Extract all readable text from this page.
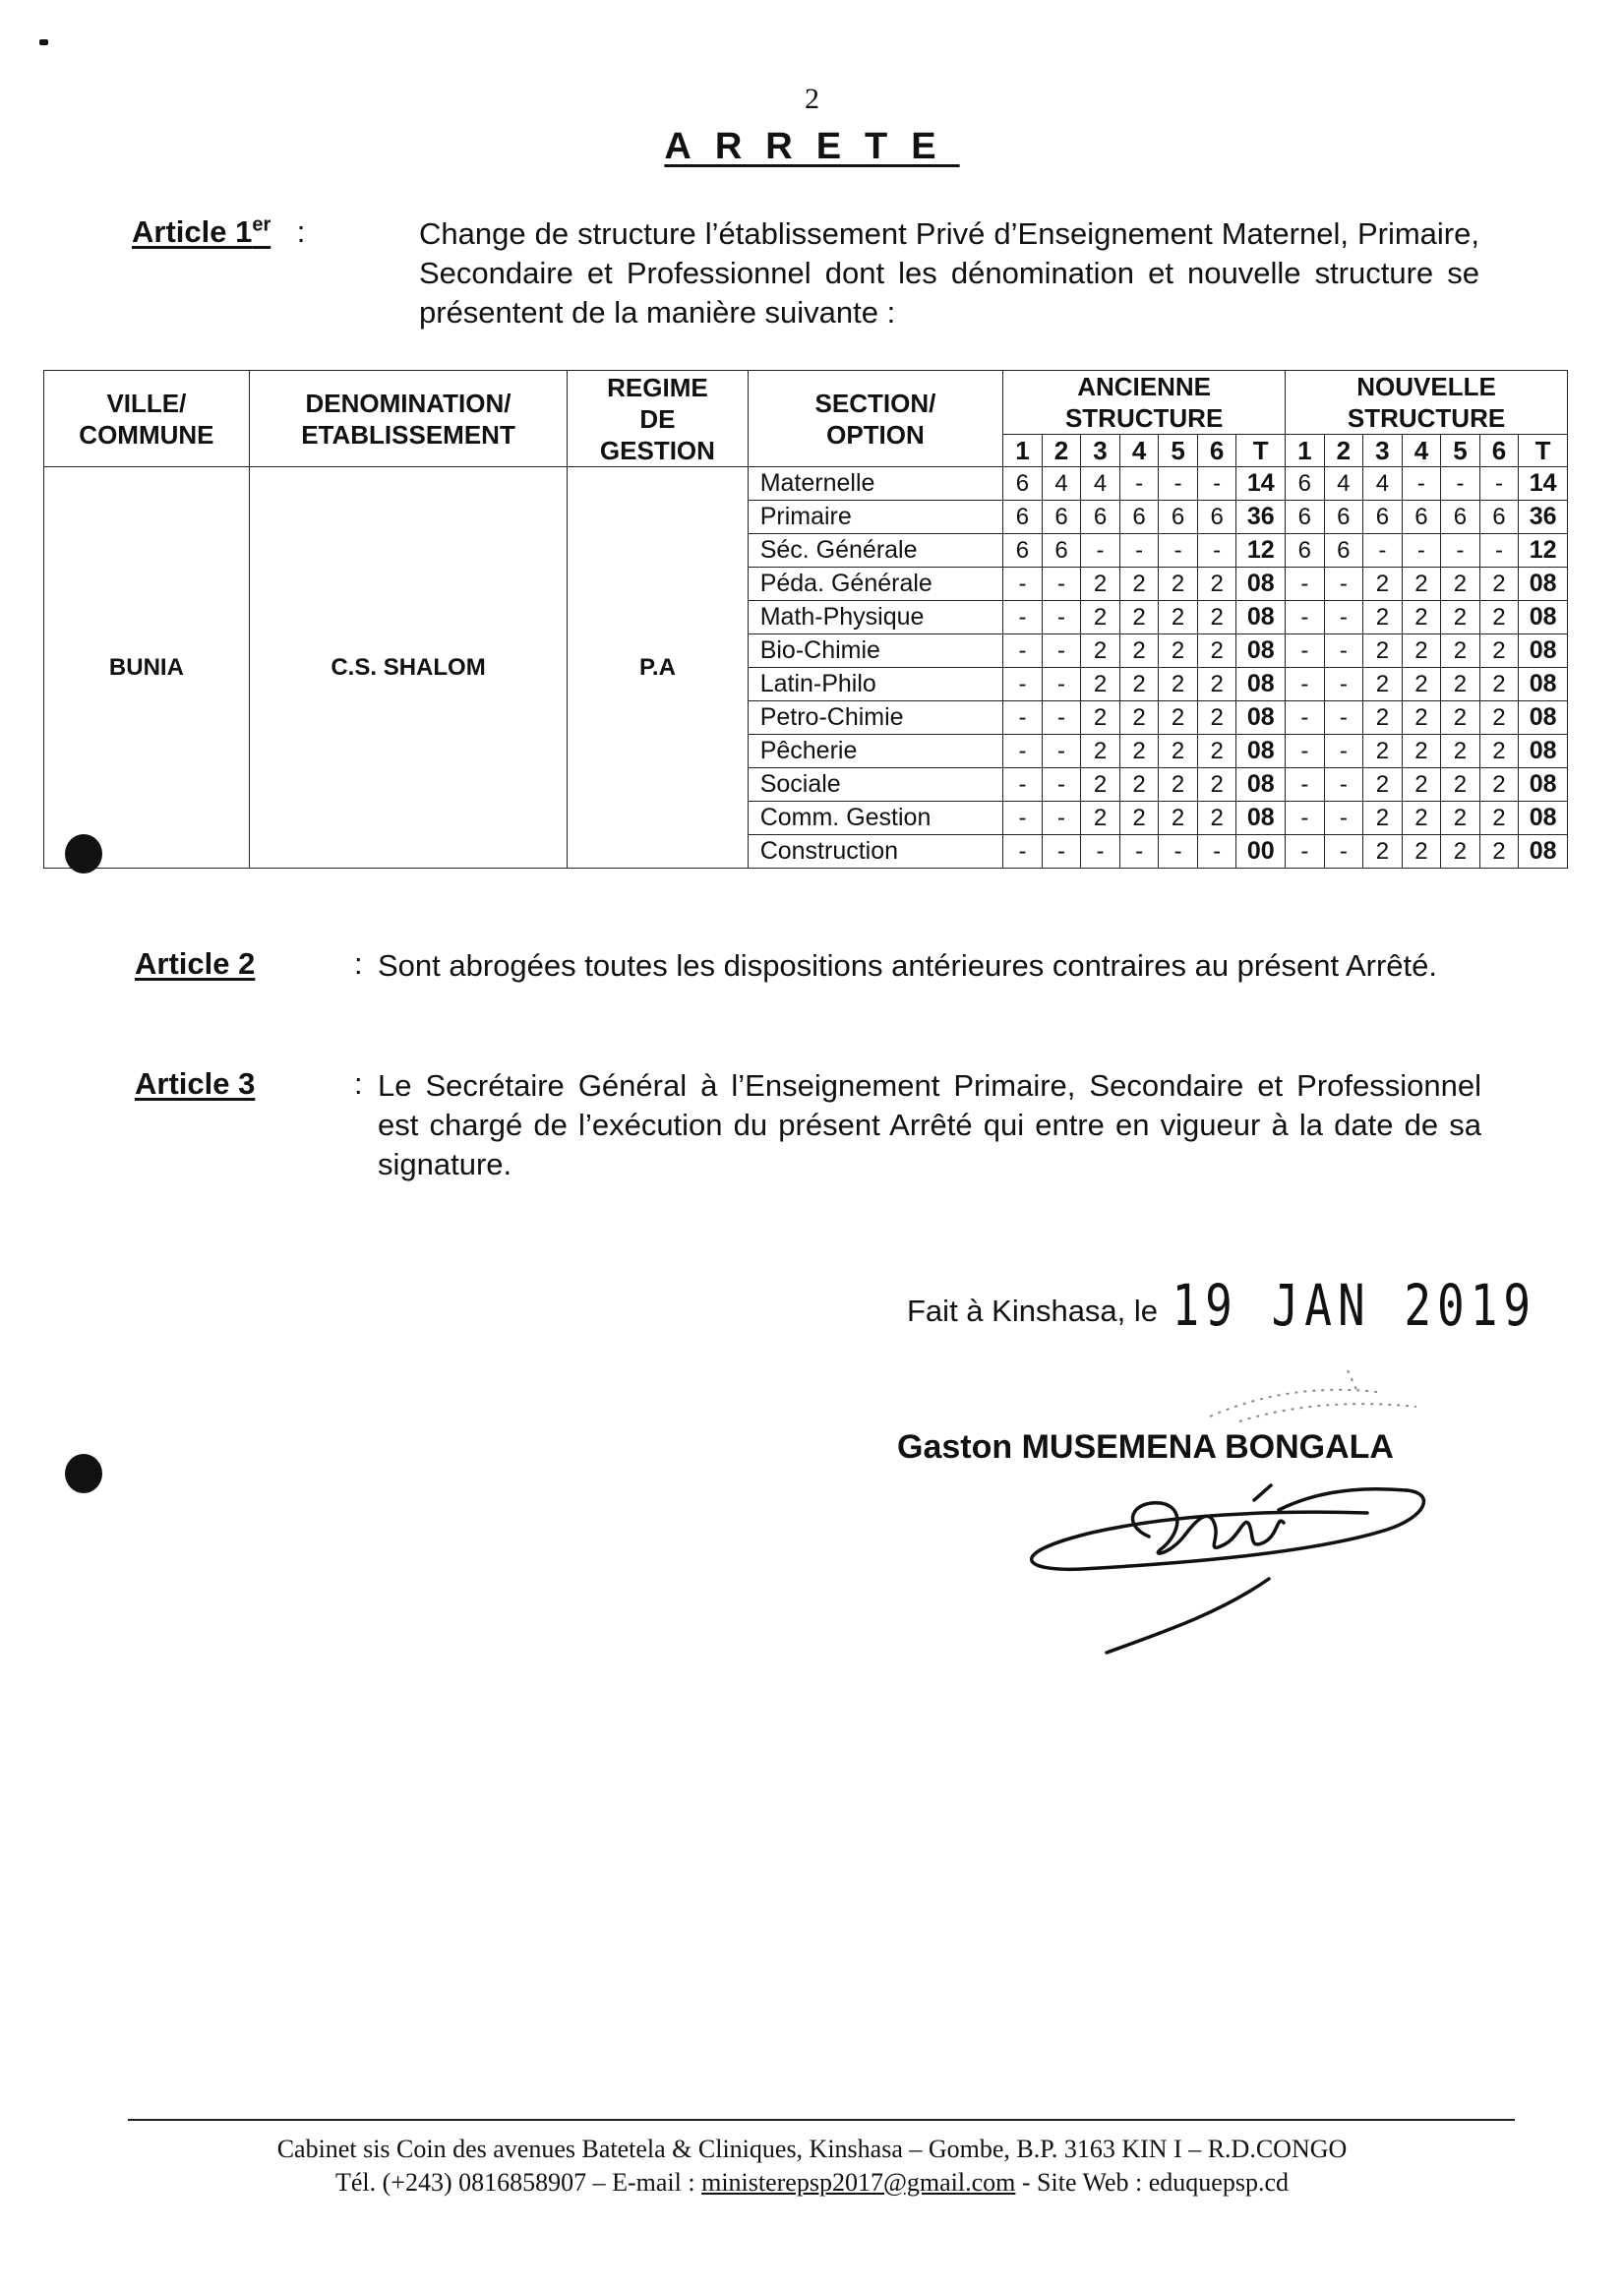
2
ARRETE
Article 1er :	Change de structure l’établissement Privé d’Enseignement Maternel, Primaire, Secondaire et Professionnel dont les dénomination et nouvelle structure se présentent de la manière suivante :
VILLE/ COMMUNE	DENOMINATION/ ETABLISSEMENT	REGIME DE GESTION	SECTION/ OPTION	ANCIENNE STRUCTURE							NOUVELLE STRUCTURE						
				1	2	3	4	5	6	T	1	2	3	4	5	6	T
BUNIA	C.S. SHALOM	P.A	Maternelle	6	4	4	-	-	-	14	6	4	4	-	-	-	14
			Primaire	6	6	6	6	6	6	36	6	6	6	6	6	6	36
			Séc. Générale	6	6	-	-	-	-	12	6	6	-	-	-	-	12
			Péda. Générale	-	-	2	2	2	2	08	-	-	2	2	2	2	08
			Math-Physique	-	-	2	2	2	2	08	-	-	2	2	2	2	08
			Bio-Chimie	-	-	2	2	2	2	08	-	-	2	2	2	2	08
			Latin-Philo	-	-	2	2	2	2	08	-	-	2	2	2	2	08
			Petro-Chimie	-	-	2	2	2	2	08	-	-	2	2	2	2	08
			Pêcherie	-	-	2	2	2	2	08	-	-	2	2	2	2	08
			Sociale	-	-	2	2	2	2	08	-	-	2	2	2	2	08
			Comm. Gestion	-	-	2	2	2	2	08	-	-	2	2	2	2	08
			Construction	-	-	-	-	-	-	00	-	-	2	2	2	2	08
Article 2	: Sont abrogées toutes les dispositions antérieures contraires au présent Arrêté.
Article 3	: Le Secrétaire Général à l’Enseignement Primaire, Secondaire et Professionnel est chargé de l’exécution du présent Arrêté qui entre en vigueur à la date de sa signature.
Fait à Kinshasa, le 19 JAN 2019
Gaston MUSEMENA BONGALA
Cabinet sis Coin des avenues Batetela & Cliniques, Kinshasa – Gombe, B.P. 3163 KIN I – R.D.CONGO
Tél. (+243) 0816858907 – E-mail : ministerepsp2017@gmail.com - Site Web : eduquepsp.cd
